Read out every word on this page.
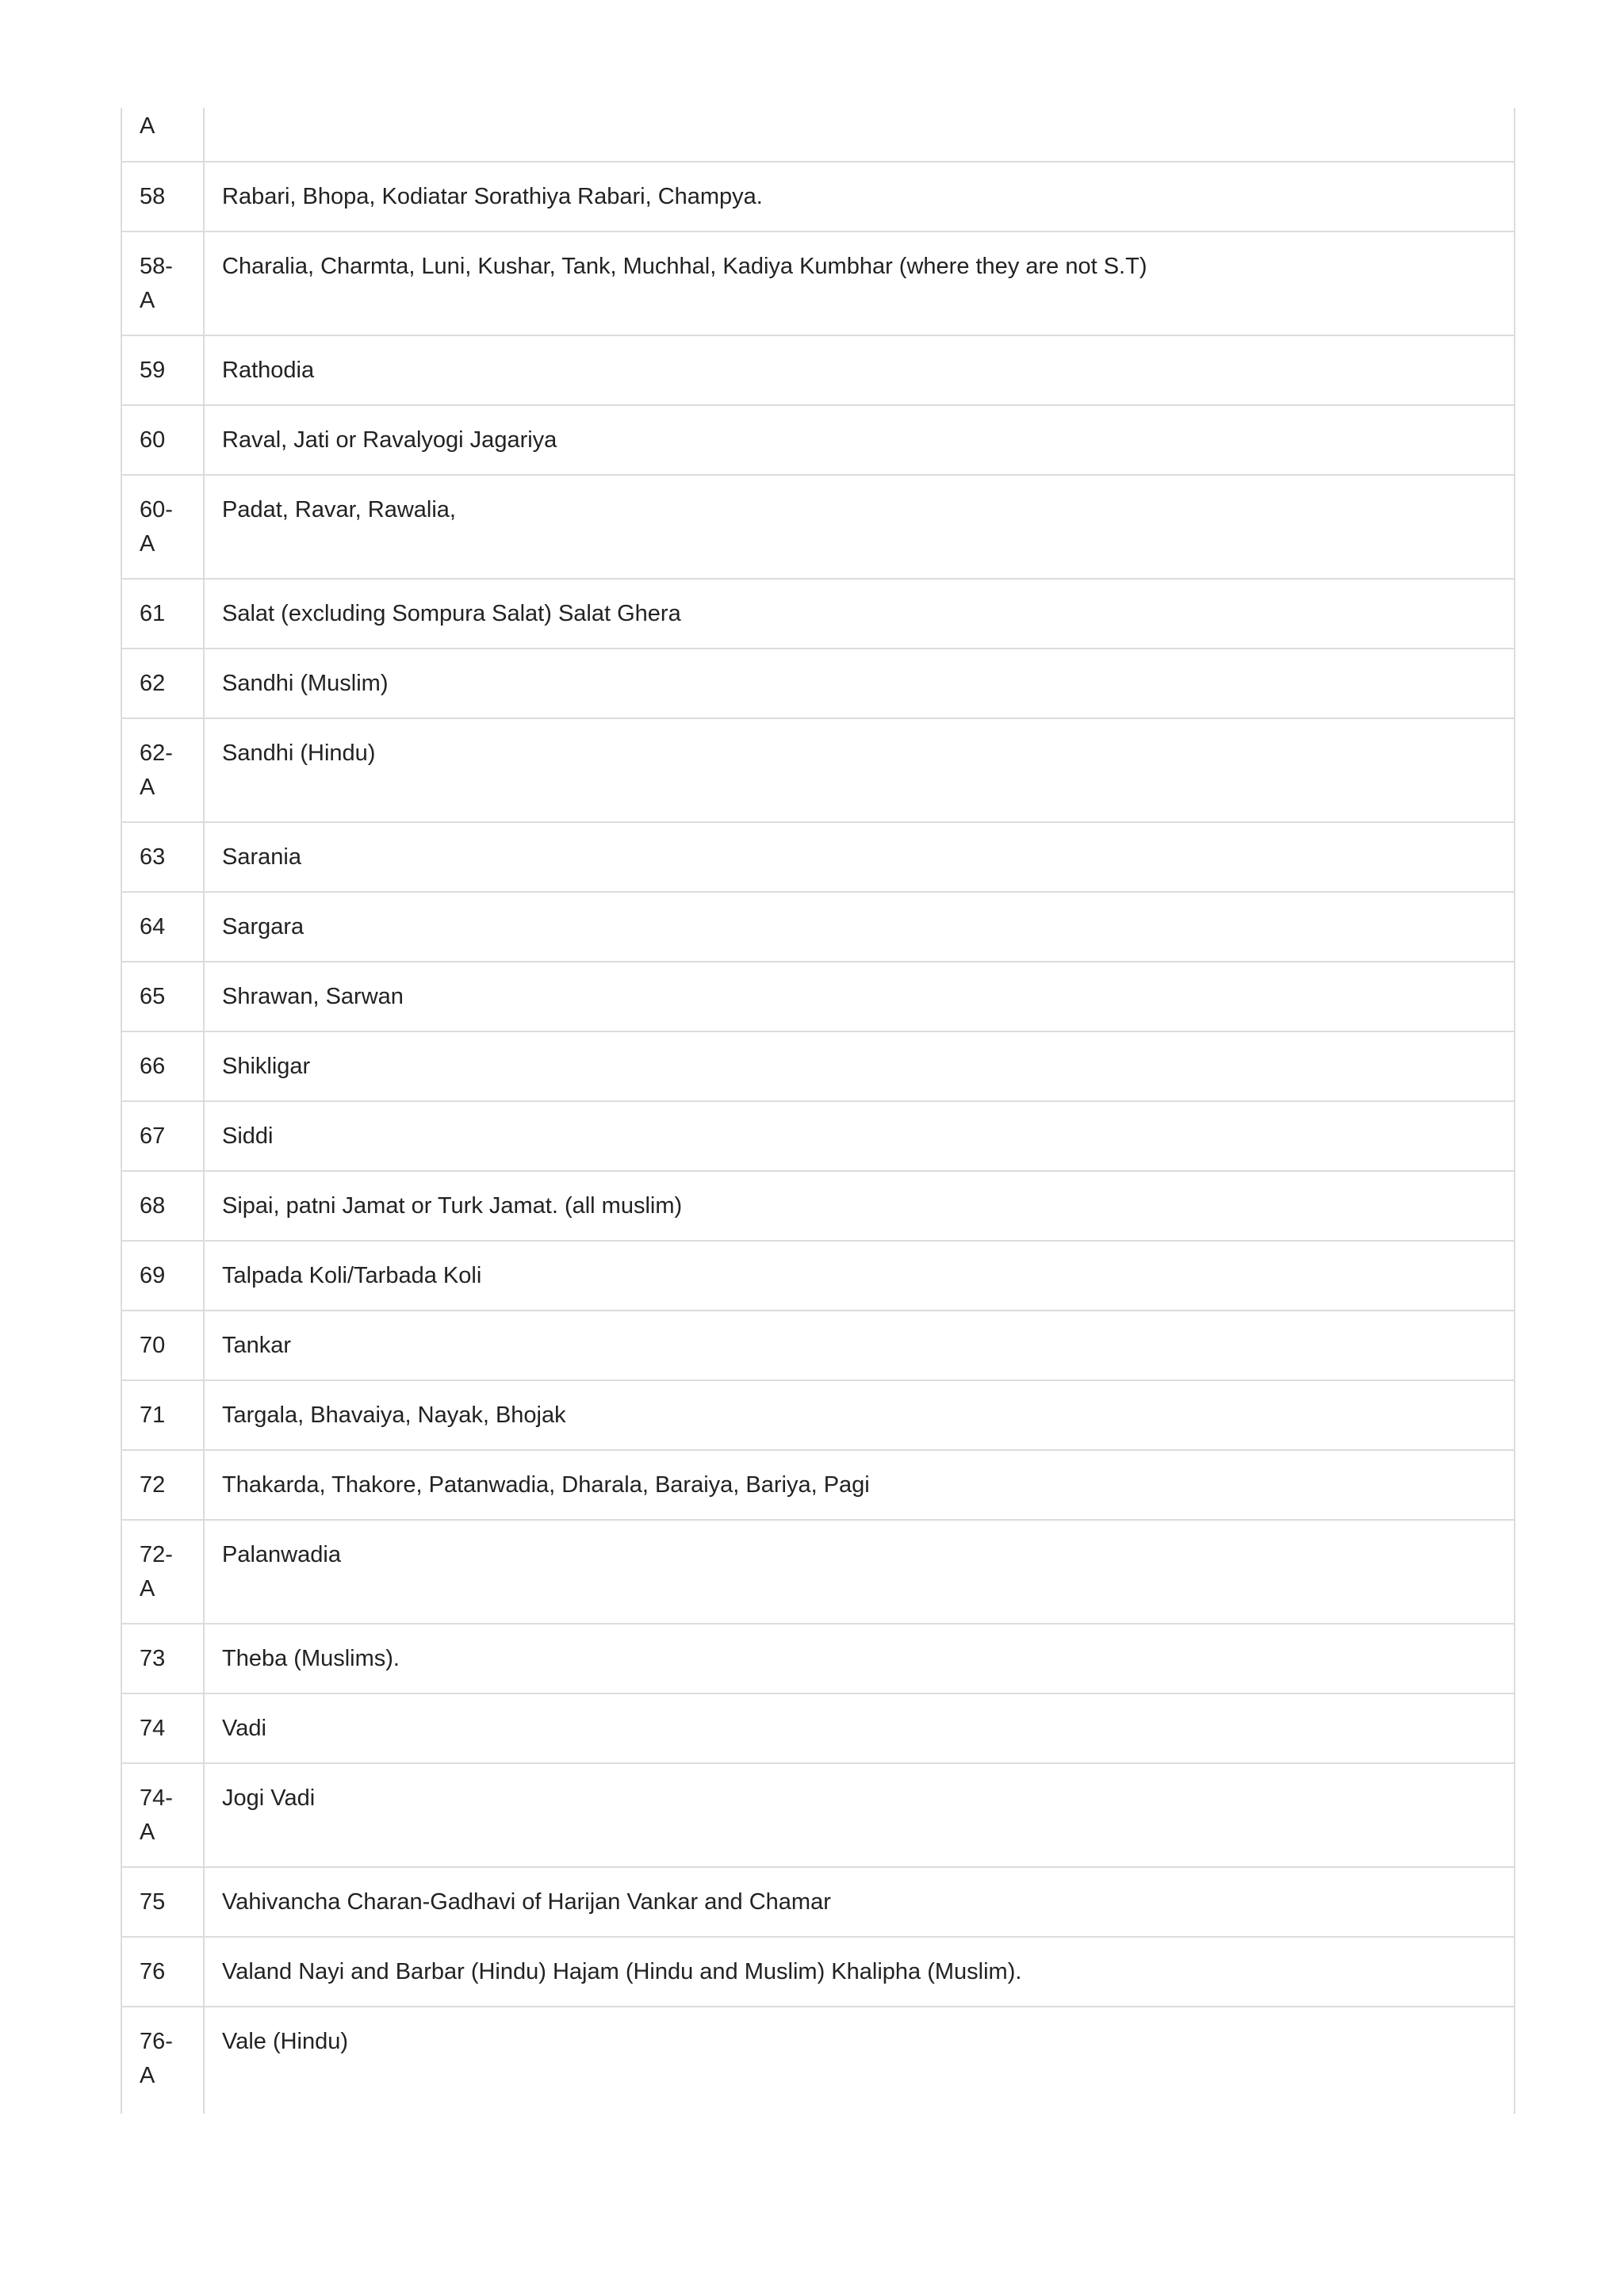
A	
58	Rabari, Bhopa, Kodiatar Sorathiya Rabari, Champya.
58-A	Charalia, Charmta, Luni, Kushar, Tank, Muchhal, Kadiya Kumbhar (where they are not S.T)
59	Rathodia
60	Raval, Jati or Ravalyogi Jagariya
60-A	Padat, Ravar, Rawalia,
61	Salat (excluding Sompura Salat) Salat Ghera
62	Sandhi (Muslim)
62-A	Sandhi (Hindu)
63	Sarania
64	Sargara
65	Shrawan, Sarwan
66	Shikligar
67	Siddi
68	Sipai, patni Jamat or Turk Jamat. (all muslim)
69	Talpada Koli/Tarbada Koli
70	Tankar
71	Targala, Bhavaiya, Nayak, Bhojak
72	Thakarda, Thakore, Patanwadia, Dharala, Baraiya, Bariya, Pagi
72-A	Palanwadia
73	Theba (Muslims).
74	Vadi
74-A	Jogi Vadi
75	Vahivancha Charan-Gadhavi of Harijan Vankar and Chamar
76	Valand Nayi and Barbar (Hindu) Hajam (Hindu and Muslim) Khalipha (Muslim).
76-A	Vale (Hindu)
